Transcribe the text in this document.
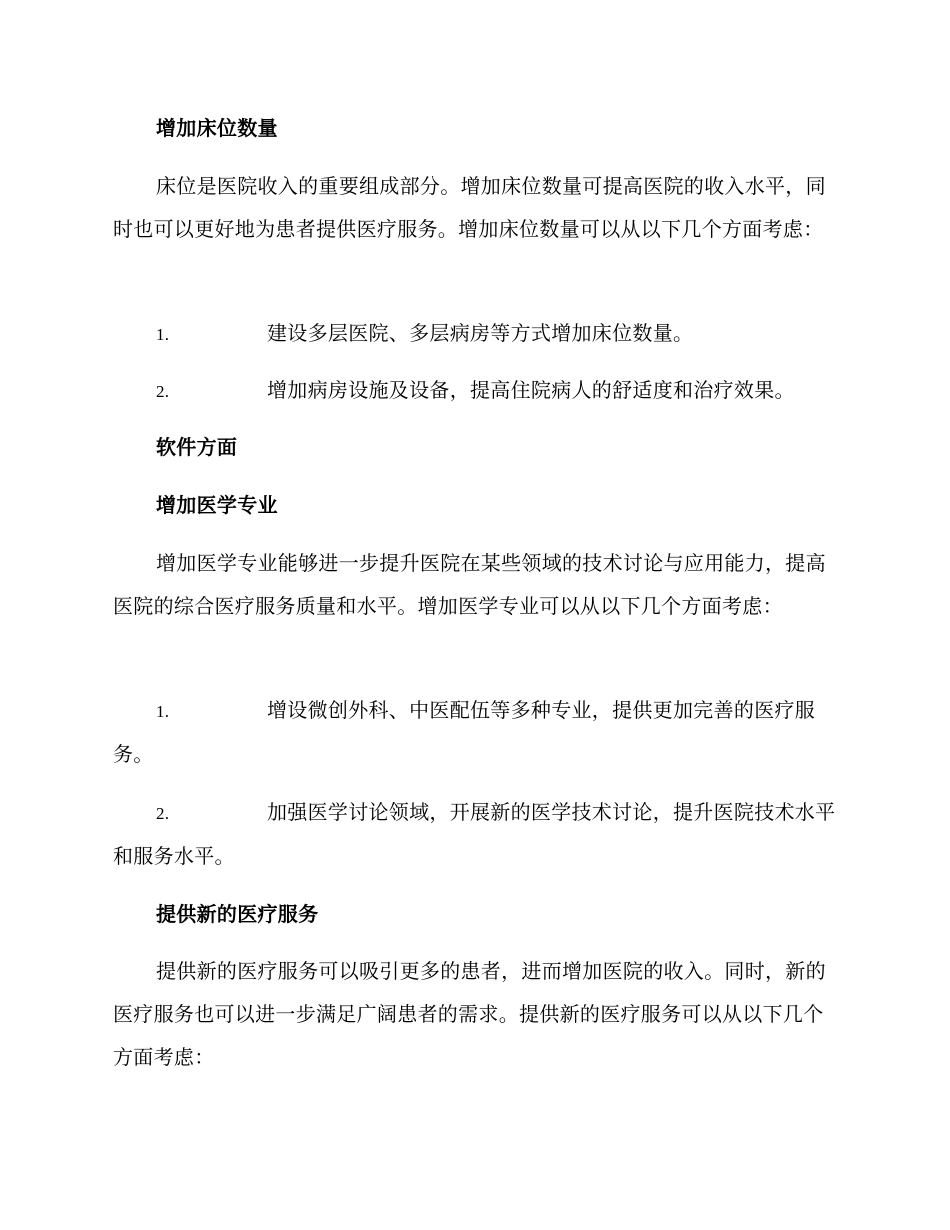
增加床位数量

床位是医院收入的重要组成部分。增加床位数量可提高医院的收入水平，同时也可以更好地为患者提供医疗服务。增加床位数量可以从以下几个方面考虑：

1.	建设多层医院、多层病房等方式增加床位数量。

2.	增加病房设施及设备，提高住院病人的舒适度和治疗效果。

软件方面
增加医学专业

增加医学专业能够进一步提升医院在某些领域的技术讨论与应用能力，提高医院的综合医疗服务质量和水平。增加医学专业可以从以下几个方面考虑：

1.	增设微创外科、中医配伍等多种专业，提供更加完善的医疗服务。

2.	加强医学讨论领域，开展新的医学技术讨论，提升医院技术水平和服务水平。

提供新的医疗服务

提供新的医疗服务可以吸引更多的患者，进而增加医院的收入。同时，新的医疗服务也可以进一步满足广阔患者的需求。提供新的医疗服务可以从以下几个方面考虑：
